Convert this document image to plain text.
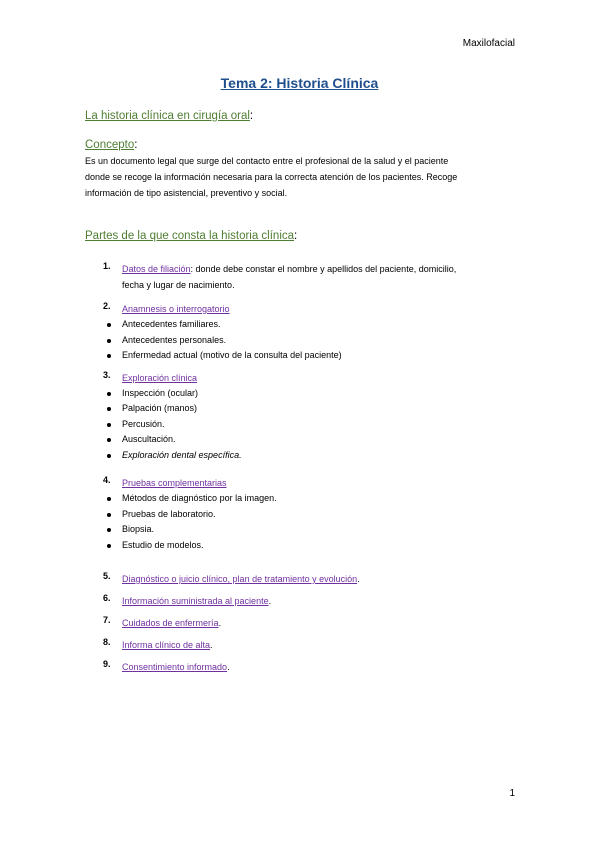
Maxilofacial
Tema 2: Historia Clínica
La historia clínica en cirugía oral:
Concepto:
Es un documento legal que surge del contacto entre el profesional de la salud y el paciente
donde se recoge la información necesaria para la correcta atención de los pacientes. Recoge
información de tipo asistencial, preventivo y social.
Partes de la que consta la historia clínica:
1.	Datos de filiación: donde debe constar el nombre y apellidos del paciente, domicilio,
fecha y lugar de nacimiento.
2.	Anamnesis o interrogatorio
Antecedentes familiares.
Antecedentes personales.
Enfermedad actual (motivo de la consulta del paciente)
3.	Exploración clínica
Inspección (ocular)
Palpación (manos)
Percusión.
Auscultación.
Exploración dental específica.
4.	Pruebas complementarias
Métodos de diagnóstico por la imagen.
Pruebas de laboratorio.
Biopsia.
Estudio de modelos.
5.	Diagnóstico o juicio clínico, plan de tratamiento y evolución.
6.	Información suministrada al paciente.
7.	Cuidados de enfermería.
8.	Informa clínico de alta.
9.	Consentimiento informado.
1
